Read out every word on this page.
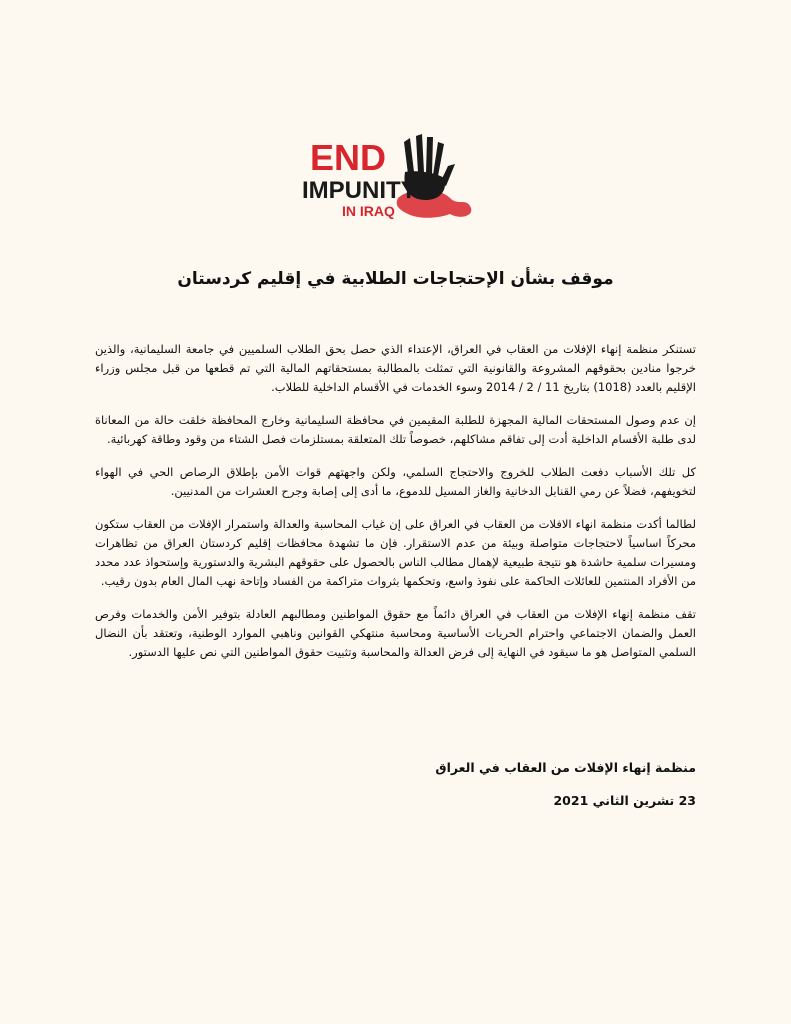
END
IMPUNITY
IN IRAQ
موقف بشأن الإحتجاجات الطلابية في إقليم كردستان

تستنكر منظمة إنهاء الإفلات من العقاب في العراق، الإعتداء الذي حصل بحق الطلاب السلميين في جامعة السليمانية، والذين خرجوا منادين بحقوقهم المشروعة والقانونية التي تمثلت بالمطالبة بمستحقاتهم المالية التي تم قطعها من قبل مجلس وزراء الإقليم بالعدد (1018) بتاريخ 11 / 2 / 2014 وسوء الخدمات في الأقسام الداخلية للطلاب.

إن عدم وصول المستحقات المالية المجهزة للطلبة المقيمين في محافظة السليمانية وخارج المحافظة خلقت حالة من المعاناة لدى طلبة الأقسام الداخلية أدت إلى تفاقم مشاكلهم، خصوصاً تلك المتعلقة بمستلزمات فصل الشتاء من وقود وطاقة كهربائية.

كل تلك الأسباب دفعت الطلاب للخروج والاحتجاج السلمي، ولكن واجهتهم قوات الأمن بإطلاق الرصاص الحي في الهواء لتخويفهم، فضلاً عن رمي القنابل الدخانية والغاز المسيل للدموع، ما أدى إلى إصابة وجرح العشرات من المدنيين.

لطالما أكدت منظمة انهاء الافلات من العقاب في العراق على إن غياب المحاسبة والعدالة واستمرار الإفلات من العقاب ستكون محركاً اساسياً لاحتجاجات متواصلة وبيئة من عدم الاستقرار. فإن ما تشهدة محافظات إقليم كردستان العراق من تظاهرات ومسيرات سلمية حاشدة هو نتيجة طبيعية لإهمال مطالب الناس بالحصول على حقوقهم البشرية والدستورية وإستحواذ عدد محدد من الأفراد المنتمين للعائلات الحاكمة على نفوذ واسع، وتحكمها بثروات متراكمة من الفساد وإتاحة نهب المال العام بدون رقيب.

تقف منظمة إنهاء الإفلات من العقاب في العراق دائماً مع حقوق المواطنين ومطالبهم العادلة بتوفير الأمن والخدمات وفرص العمل والضمان الاجتماعي واحترام الحريات الأساسية ومحاسبة منتهكي القوانين وناهبي الموارد الوطنية، وتعتقد بأن النضال السلمي المتواصل هو ما سيقود في النهاية إلى فرض العدالة والمحاسبة وتثبيت حقوق المواطنين التي نص عليها الدستور.

منظمة إنهاء الإفلات من العقاب في العراق
23 تشرين الثاني 2021
